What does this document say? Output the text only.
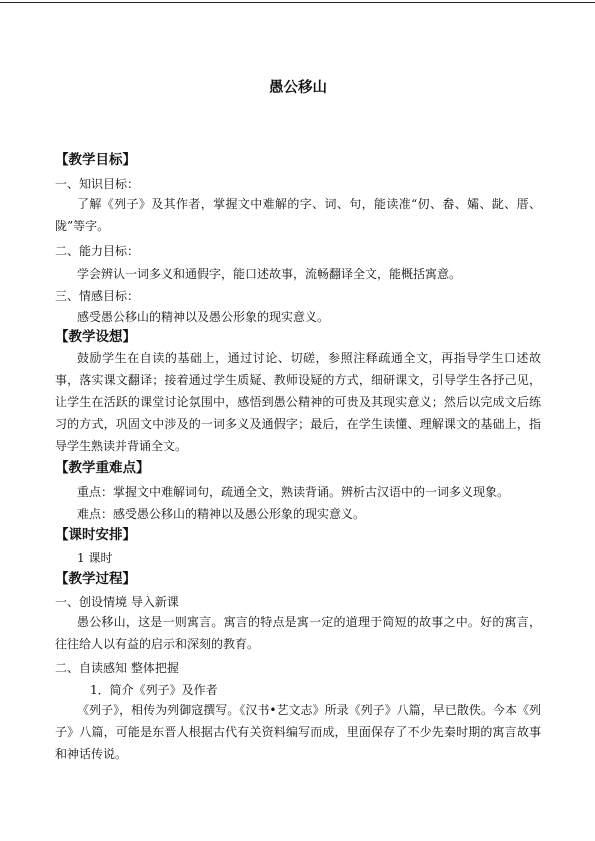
愚公移山
【教学目标】
一、知识目标：

了解《列子》及其作者，掌握文中难解的字、词、句，能读准“仞、畚、孀、龀、厝、陇”等字。

二、能力目标：
学会辨认一词多义和通假字，能口述故事，流畅翻译全文，能概括寓意。
三、情感目标：
感受愚公移山的精神以及愚公形象的现实意义。
【教学设想】

鼓励学生在自读的基础上，通过讨论、切磋，参照注释疏通全文，再指导学生口述故事，落实课文翻译；接着通过学生质疑、教师设疑的方式，细研课文，引导学生各抒己见，让学生在活跃的课堂讨论氛围中，感悟到愚公精神的可贵及其现实意义；然后以完成文后练习的方式，巩固文中涉及的一词多义及通假字；最后，在学生读懂、理解课文的基础上，指导学生熟读并背诵全文。

【教学重难点】
重点：掌握文中难解词句，疏通全文，熟读背诵。辨析古汉语中的一词多义现象。
难点：感受愚公移山的精神以及愚公形象的现实意义。
【课时安排】
1 课时
【教学过程】
一、创设情境 导入新课

愚公移山，这是一则寓言。寓言的特点是寓一定的道理于简短的故事之中。好的寓言，往往给人以有益的启示和深刻的教育。

二、自读感知 整体把握
1．简介《列子》及作者

《列子》，相传为列御寇撰写。《汉书•艺文志》所录《列子》八篇，早已散佚。今本《列子》八篇，可能是东晋人根据古代有关资料编写而成，里面保存了不少先秦时期的寓言故事和神话传说。
